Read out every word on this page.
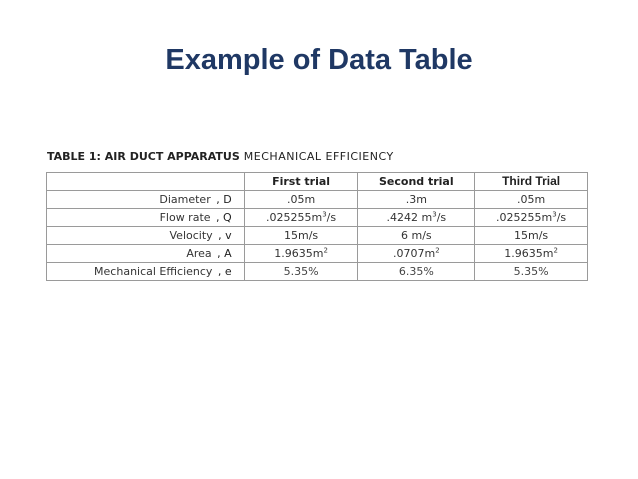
Example of Data Table
TABLE 1: AIR DUCT APPARATUS MECHANICAL EFFICIENCY
	First trial	Second trial	Third Trial
Diameter , D	.05m	.3m	.05m
Flow rate , Q	$.025255m^3/s$	.4242 $m^3/s$	$.025255m^3/s$
Velocity , v	15m/s	6 m/s	15m/s
Area , A	$1.9635m^2$	$.0707m^2$	$1.9635m^2$
Mechanical Efficiency , e	5.35%	6.35%	5.35%
